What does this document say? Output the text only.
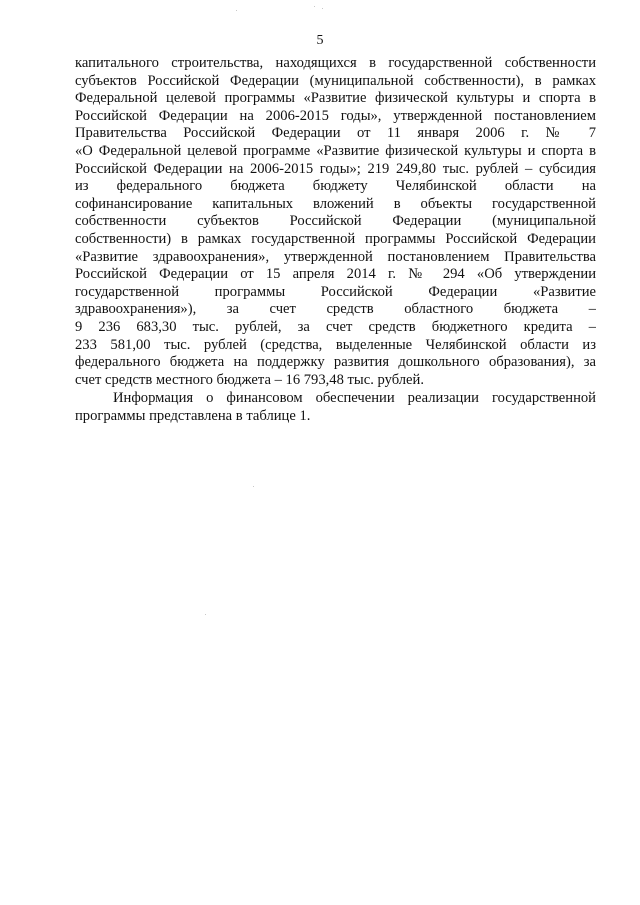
5
капитального строительства, находящихся в государственной собственности
субъектов Российской Федерации (муниципальной собственности), в рамках
Федеральной целевой программы «Развитие физической культуры и спорта в
Российской Федерации на 2006-2015 годы», утвержденной постановлением
Правительства Российской Федерации от 11 января 2006 г. № 7
«О Федеральной целевой программе «Развитие физической культуры и спорта в
Российской Федерации на 2006-2015 годы»; 219 249,80 тыс. рублей – субсидия
из федерального бюджета бюджету Челябинской области на
софинансирование капитальных вложений в объекты государственной
собственности субъектов Российской Федерации (муниципальной
собственности) в рамках государственной программы Российской Федерации
«Развитие здравоохранения», утвержденной постановлением Правительства
Российской Федерации от 15 апреля 2014 г. № 294 «Об утверждении
государственной программы Российской Федерации «Развитие
здравоохранения»), за счет средств областного бюджета –
9 236 683,30 тыс. рублей, за счет средств бюджетного кредита –
233 581,00 тыс. рублей (средства, выделенные Челябинской области из
федерального бюджета на поддержку развития дошкольного образования), за
счет средств местного бюджета – 16 793,48 тыс. рублей.
Информация о финансовом обеспечении реализации государственной
программы представлена в таблице 1.
